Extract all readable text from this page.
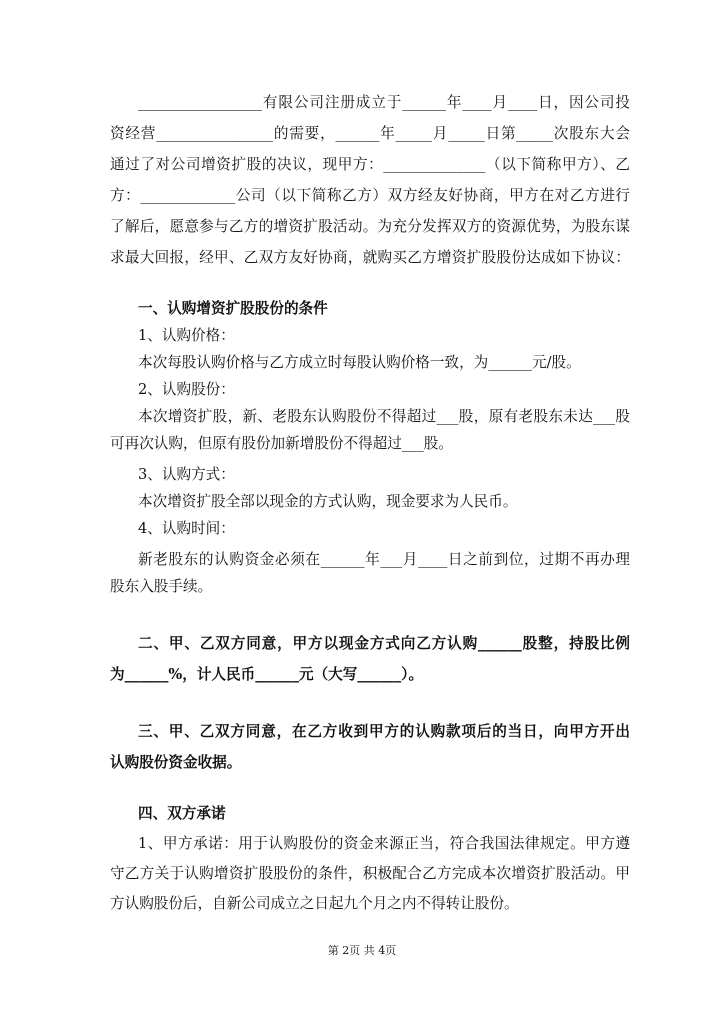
_________________有限公司注册成立于______年____月____日，因公司投
资经营________________的需要，______年_____月_____日第_____次股东大会
通过了对公司增资扩股的决议，现甲方：______________（以下简称甲方）、乙
方：_____________公司（以下简称乙方）双方经友好协商，甲方在对乙方进行
了解后，愿意参与乙方的增资扩股活动。为充分发挥双方的资源优势，为股东谋
求最大回报，经甲、乙双方友好协商，就购买乙方增资扩股股份达成如下协议：
一、认购增资扩股股份的条件
1、认购价格：
本次每股认购价格与乙方成立时每股认购价格一致，为______元/股。
2、认购股份：
本次增资扩股，新、老股东认购股份不得超过___股，原有老股东未达___股
可再次认购，但原有股份加新增股份不得超过___股。
3、认购方式：
本次增资扩股全部以现金的方式认购，现金要求为人民币。
4、认购时间：
新老股东的认购资金必须在______年___月____日之前到位，过期不再办理
股东入股手续。
二、甲、乙双方同意，甲方以现金方式向乙方认购______股整，持股比例
为______%，计人民币______元（大写______）。
三、甲、乙双方同意，在乙方收到甲方的认购款项后的当日，向甲方开出
认购股份资金收据。
四、双方承诺
1、甲方承诺：用于认购股份的资金来源正当，符合我国法律规定。甲方遵
守乙方关于认购增资扩股股份的条件，积极配合乙方完成本次增资扩股活动。甲
方认购股份后，自新公司成立之日起九个月之内不得转让股份。
第 2页 共 4页
